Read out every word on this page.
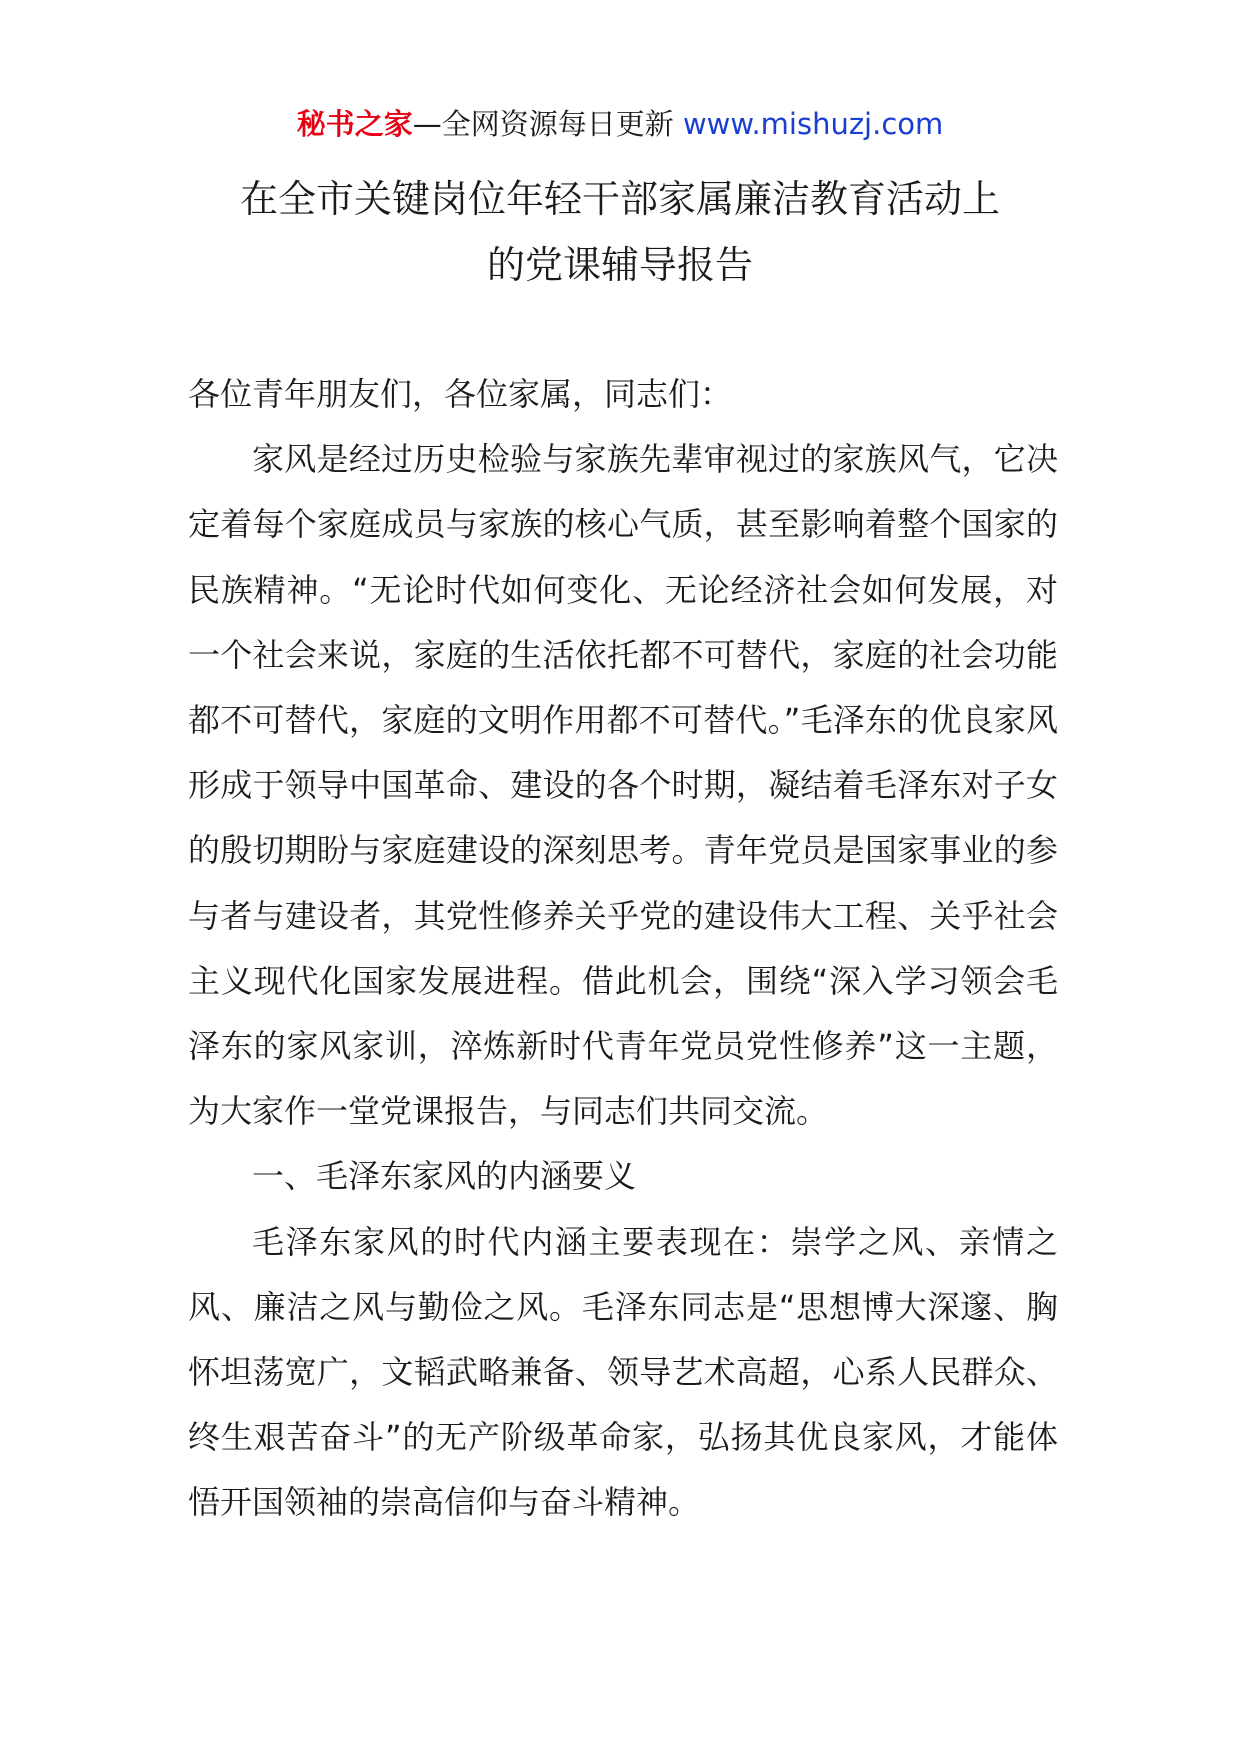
秘书之家—全网资源每日更新 www.mishuzj.com
在全市关键岗位年轻干部家属廉洁教育活动上
的党课辅导报告

各位青年朋友们，各位家属，同志们：

家风是经过历史检验与家族先辈审视过的家族风气，它决定着每个家庭成员与家族的核心气质，甚至影响着整个国家的民族精神。“无论时代如何变化、无论经济社会如何发展，对一个社会来说，家庭的生活依托都不可替代，家庭的社会功能都不可替代，家庭的文明作用都不可替代。”毛泽东的优良家风形成于领导中国革命、建设的各个时期，凝结着毛泽东对子女的殷切期盼与家庭建设的深刻思考。青年党员是国家事业的参与者与建设者，其党性修养关乎党的建设伟大工程、关乎社会主义现代化国家发展进程。借此机会，围绕“深入学习领会毛泽东的家风家训，淬炼新时代青年党员党性修养”这一主题，为大家作一堂党课报告，与同志们共同交流。

一、毛泽东家风的内涵要义

毛泽东家风的时代内涵主要表现在：崇学之风、亲情之风、廉洁之风与勤俭之风。毛泽东同志是“思想博大深邃、胸怀坦荡宽广，文韬武略兼备、领导艺术高超，心系人民群众、终生艰苦奋斗”的无产阶级革命家，弘扬其优良家风，才能体悟开国领袖的崇高信仰与奋斗精神。
